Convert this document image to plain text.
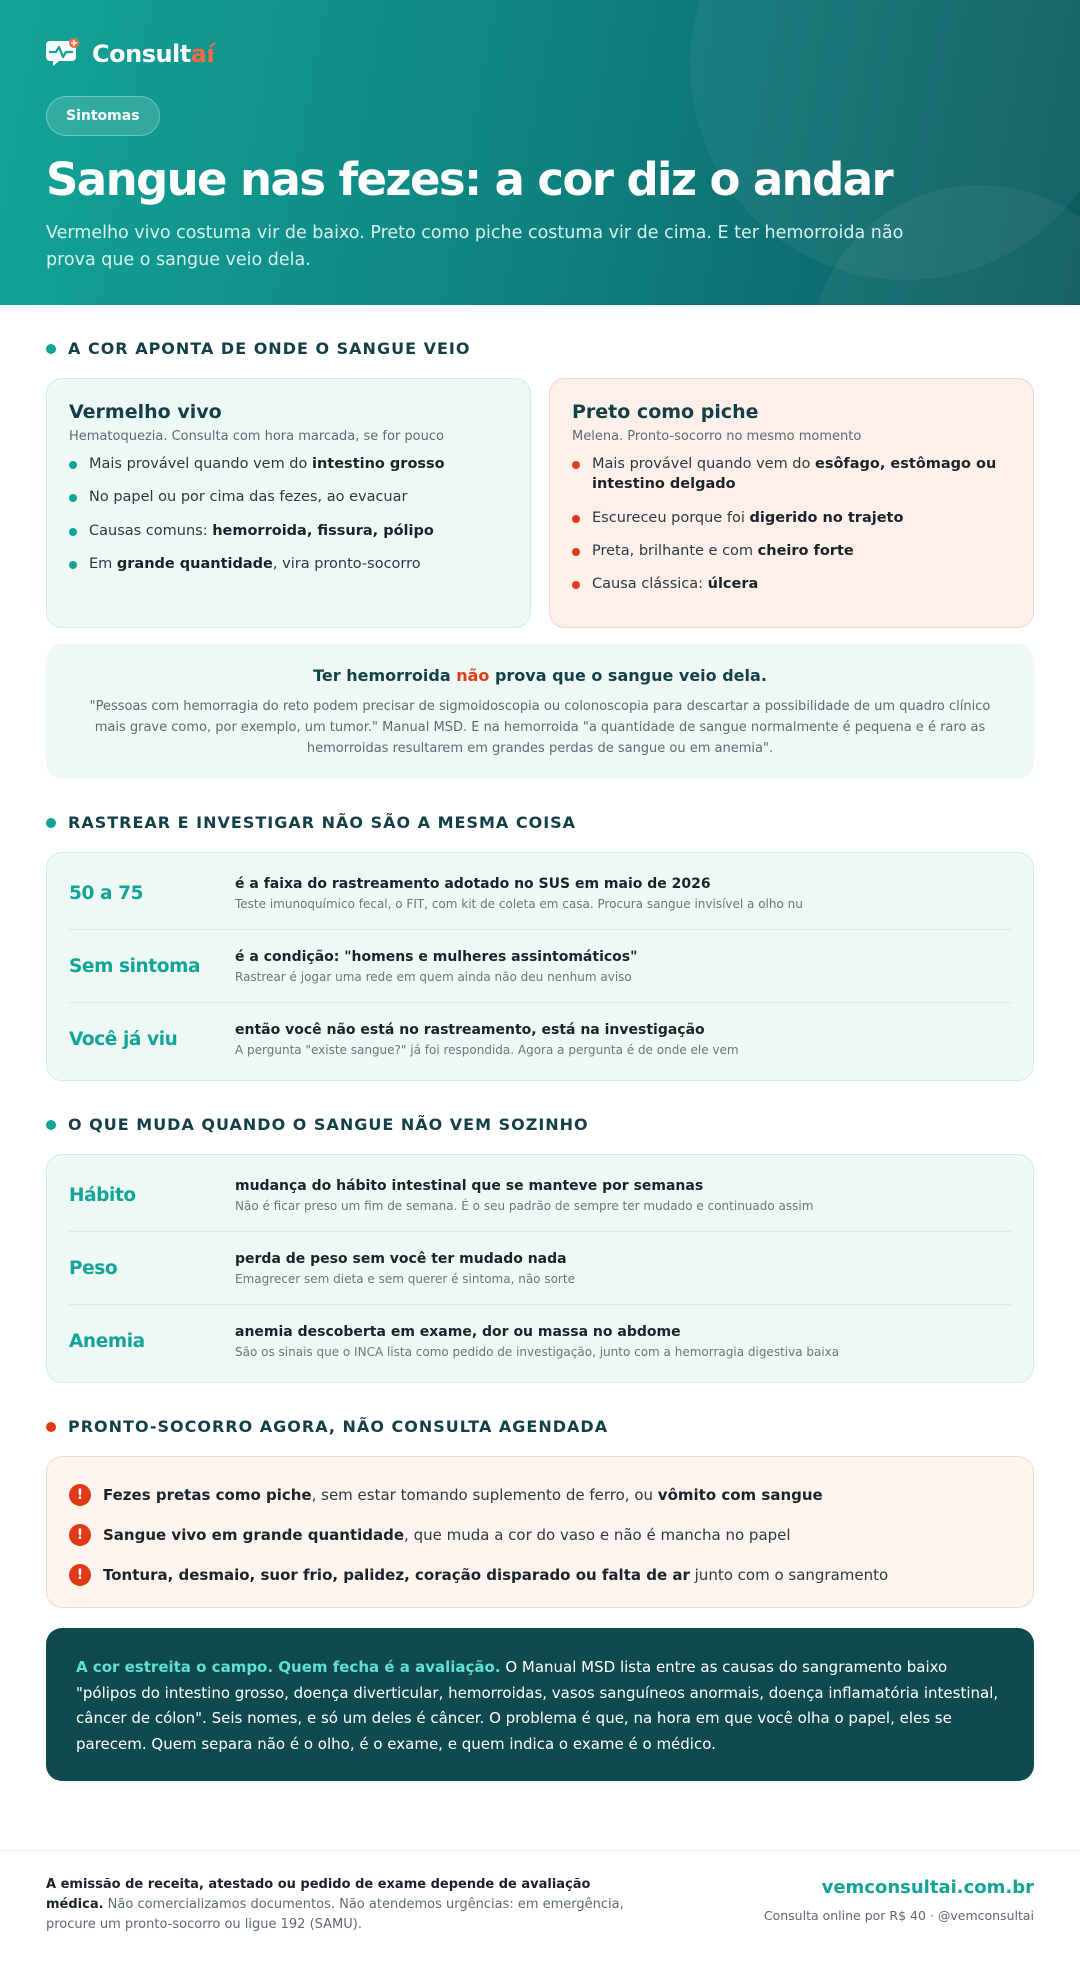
Consultaí
Sintomas
Sangue nas fezes: a cor diz o andar

Vermelho vivo costuma vir de baixo. Preto como piche costuma vir de cima. E ter hemorroida não prova que o sangue veio dela.

A COR APONTA DE ONDE O SANGUE VEIO
Vermelho vivo
Hematoquezia. Consulta com hora marcada, se for pouco
Mais provável quando vem do intestino grosso
No papel ou por cima das fezes, ao evacuar
Causas comuns: hemorroida, fissura, pólipo
Em grande quantidade, vira pronto-socorro
Preto como piche
Melena. Pronto-socorro no mesmo momento
Mais provável quando vem do esôfago, estômago ou intestino delgado
Escureceu porque foi digerido no trajeto
Preta, brilhante e com cheiro forte
Causa clássica: úlcera
Ter hemorroida não prova que o sangue veio dela.
"Pessoas com hemorragia do reto podem precisar de sigmoidoscopia ou colonoscopia para descartar a possibilidade de um quadro clínico mais grave como, por exemplo, um tumor." Manual MSD. E na hemorroida "a quantidade de sangue normalmente é pequena e é raro as hemorroidas resultarem em grandes perdas de sangue ou em anemia".
RASTREAR E INVESTIGAR NÃO SÃO A MESMA COISA
50 a 75	é a faixa do rastreamento adotado no SUS em maio de 2026
Teste imunoquímico fecal, o FIT, com kit de coleta em casa. Procura sangue invisível a olho nu
Sem sintoma	é a condição: "homens e mulheres assintomáticos"
Rastrear é jogar uma rede em quem ainda não deu nenhum aviso
Você já viu	então você não está no rastreamento, está na investigação
A pergunta "existe sangue?" já foi respondida. Agora a pergunta é de onde ele vem
O QUE MUDA QUANDO O SANGUE NÃO VEM SOZINHO
Hábito	mudança do hábito intestinal que se manteve por semanas
Não é ficar preso um fim de semana. É o seu padrão de sempre ter mudado e continuado assim
Peso	perda de peso sem você ter mudado nada
Emagrecer sem dieta e sem querer é sintoma, não sorte
Anemia	anemia descoberta em exame, dor ou massa no abdome
São os sinais que o INCA lista como pedido de investigação, junto com a hemorragia digestiva baixa
PRONTO-SOCORRO AGORA, NÃO CONSULTA AGENDADA
!	Fezes pretas como piche, sem estar tomando suplemento de ferro, ou vômito com sangue
!	Sangue vivo em grande quantidade, que muda a cor do vaso e não é mancha no papel
!	Tontura, desmaio, suor frio, palidez, coração disparado ou falta de ar junto com o sangramento
A cor estreita o campo. Quem fecha é a avaliação. O Manual MSD lista entre as causas do sangramento baixo "pólipos do intestino grosso, doença diverticular, hemorroidas, vasos sanguíneos anormais, doença inflamatória intestinal, câncer de cólon". Seis nomes, e só um deles é câncer. O problema é que, na hora em que você olha o papel, eles se parecem. Quem separa não é o olho, é o exame, e quem indica o exame é o médico.
A emissão de receita, atestado ou pedido de exame depende de avaliação médica. Não comercializamos documentos. Não atendemos urgências: em emergência, procure um pronto-socorro ou ligue 192 (SAMU).
vemconsultai.com.br
Consulta online por R$ 40 · @vemconsultai
